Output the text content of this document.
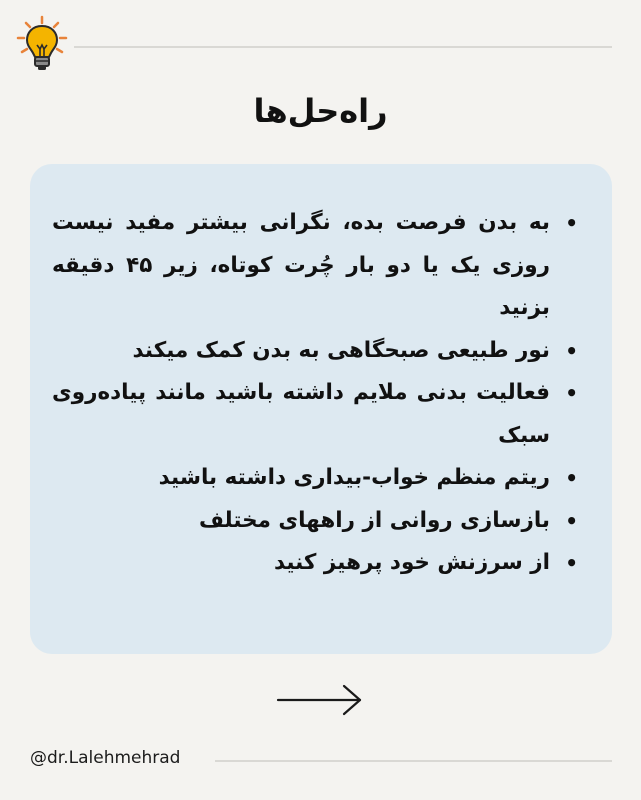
راه‌حل‌ها
•
به بدن فرصت بده، نگرانی بیشتر مفید نیست روزی یک یا دو بار چُرت کوتاه، زیر ۴۵ دقیقه بزنید
•
نور طبیعی صبحگاهی به بدن کمک میکند
•
فعالیت بدنی ملایم داشته باشید مانند پیاده‌روی سبک
•
ریتم منظم خواب-بیداری داشته باشید
•
بازسازی روانی از راههای مختلف
•
از سرزنش خود پرهیز کنید
@dr.Lalehmehrad
